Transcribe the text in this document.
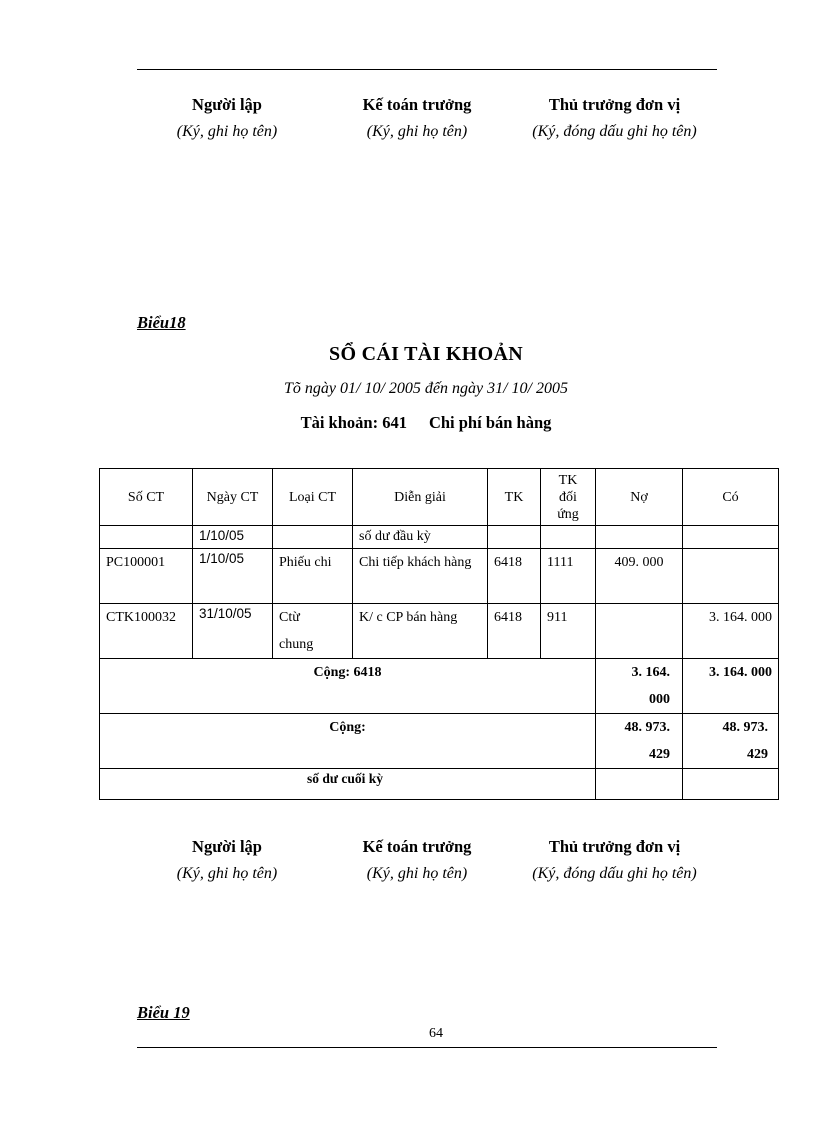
Người lập
(Ký, ghi họ tên)
Kế toán trưởng
(Ký, ghi họ tên)
Thủ trưởng đơn vị
(Ký, đóng dấu ghi họ tên)
Biểu18
SỔ CÁI TÀI KHOẢN
Tõ ngày 01/ 10/ 2005 đến ngày 31/ 10/ 2005
Tài khoản: 641 Chi phí bán hàng
Số CT	Ngày CT	Loại CT	Diễn giải	TK	TK đối ứng	Nợ	Có
	1/10/05		số dư đầu kỳ				
PC100001	1/10/05	Phiếu chi	Chi tiếp khách hàng	6418	1111	409. 000	
CTK100032	31/10/05	Ctừ chung	K/ c CP bán hàng	6418	911		3. 164. 000
Cộng: 6418						3. 164. 000	3. 164. 000
Cộng:						48. 973. 429	48. 973. 429
số dư cuối kỳ							
Người lập
(Ký, ghi họ tên)
Kế toán trưởng
(Ký, ghi họ tên)
Thủ trưởng đơn vị
(Ký, đóng dấu ghi họ tên)
Biểu 19
64
